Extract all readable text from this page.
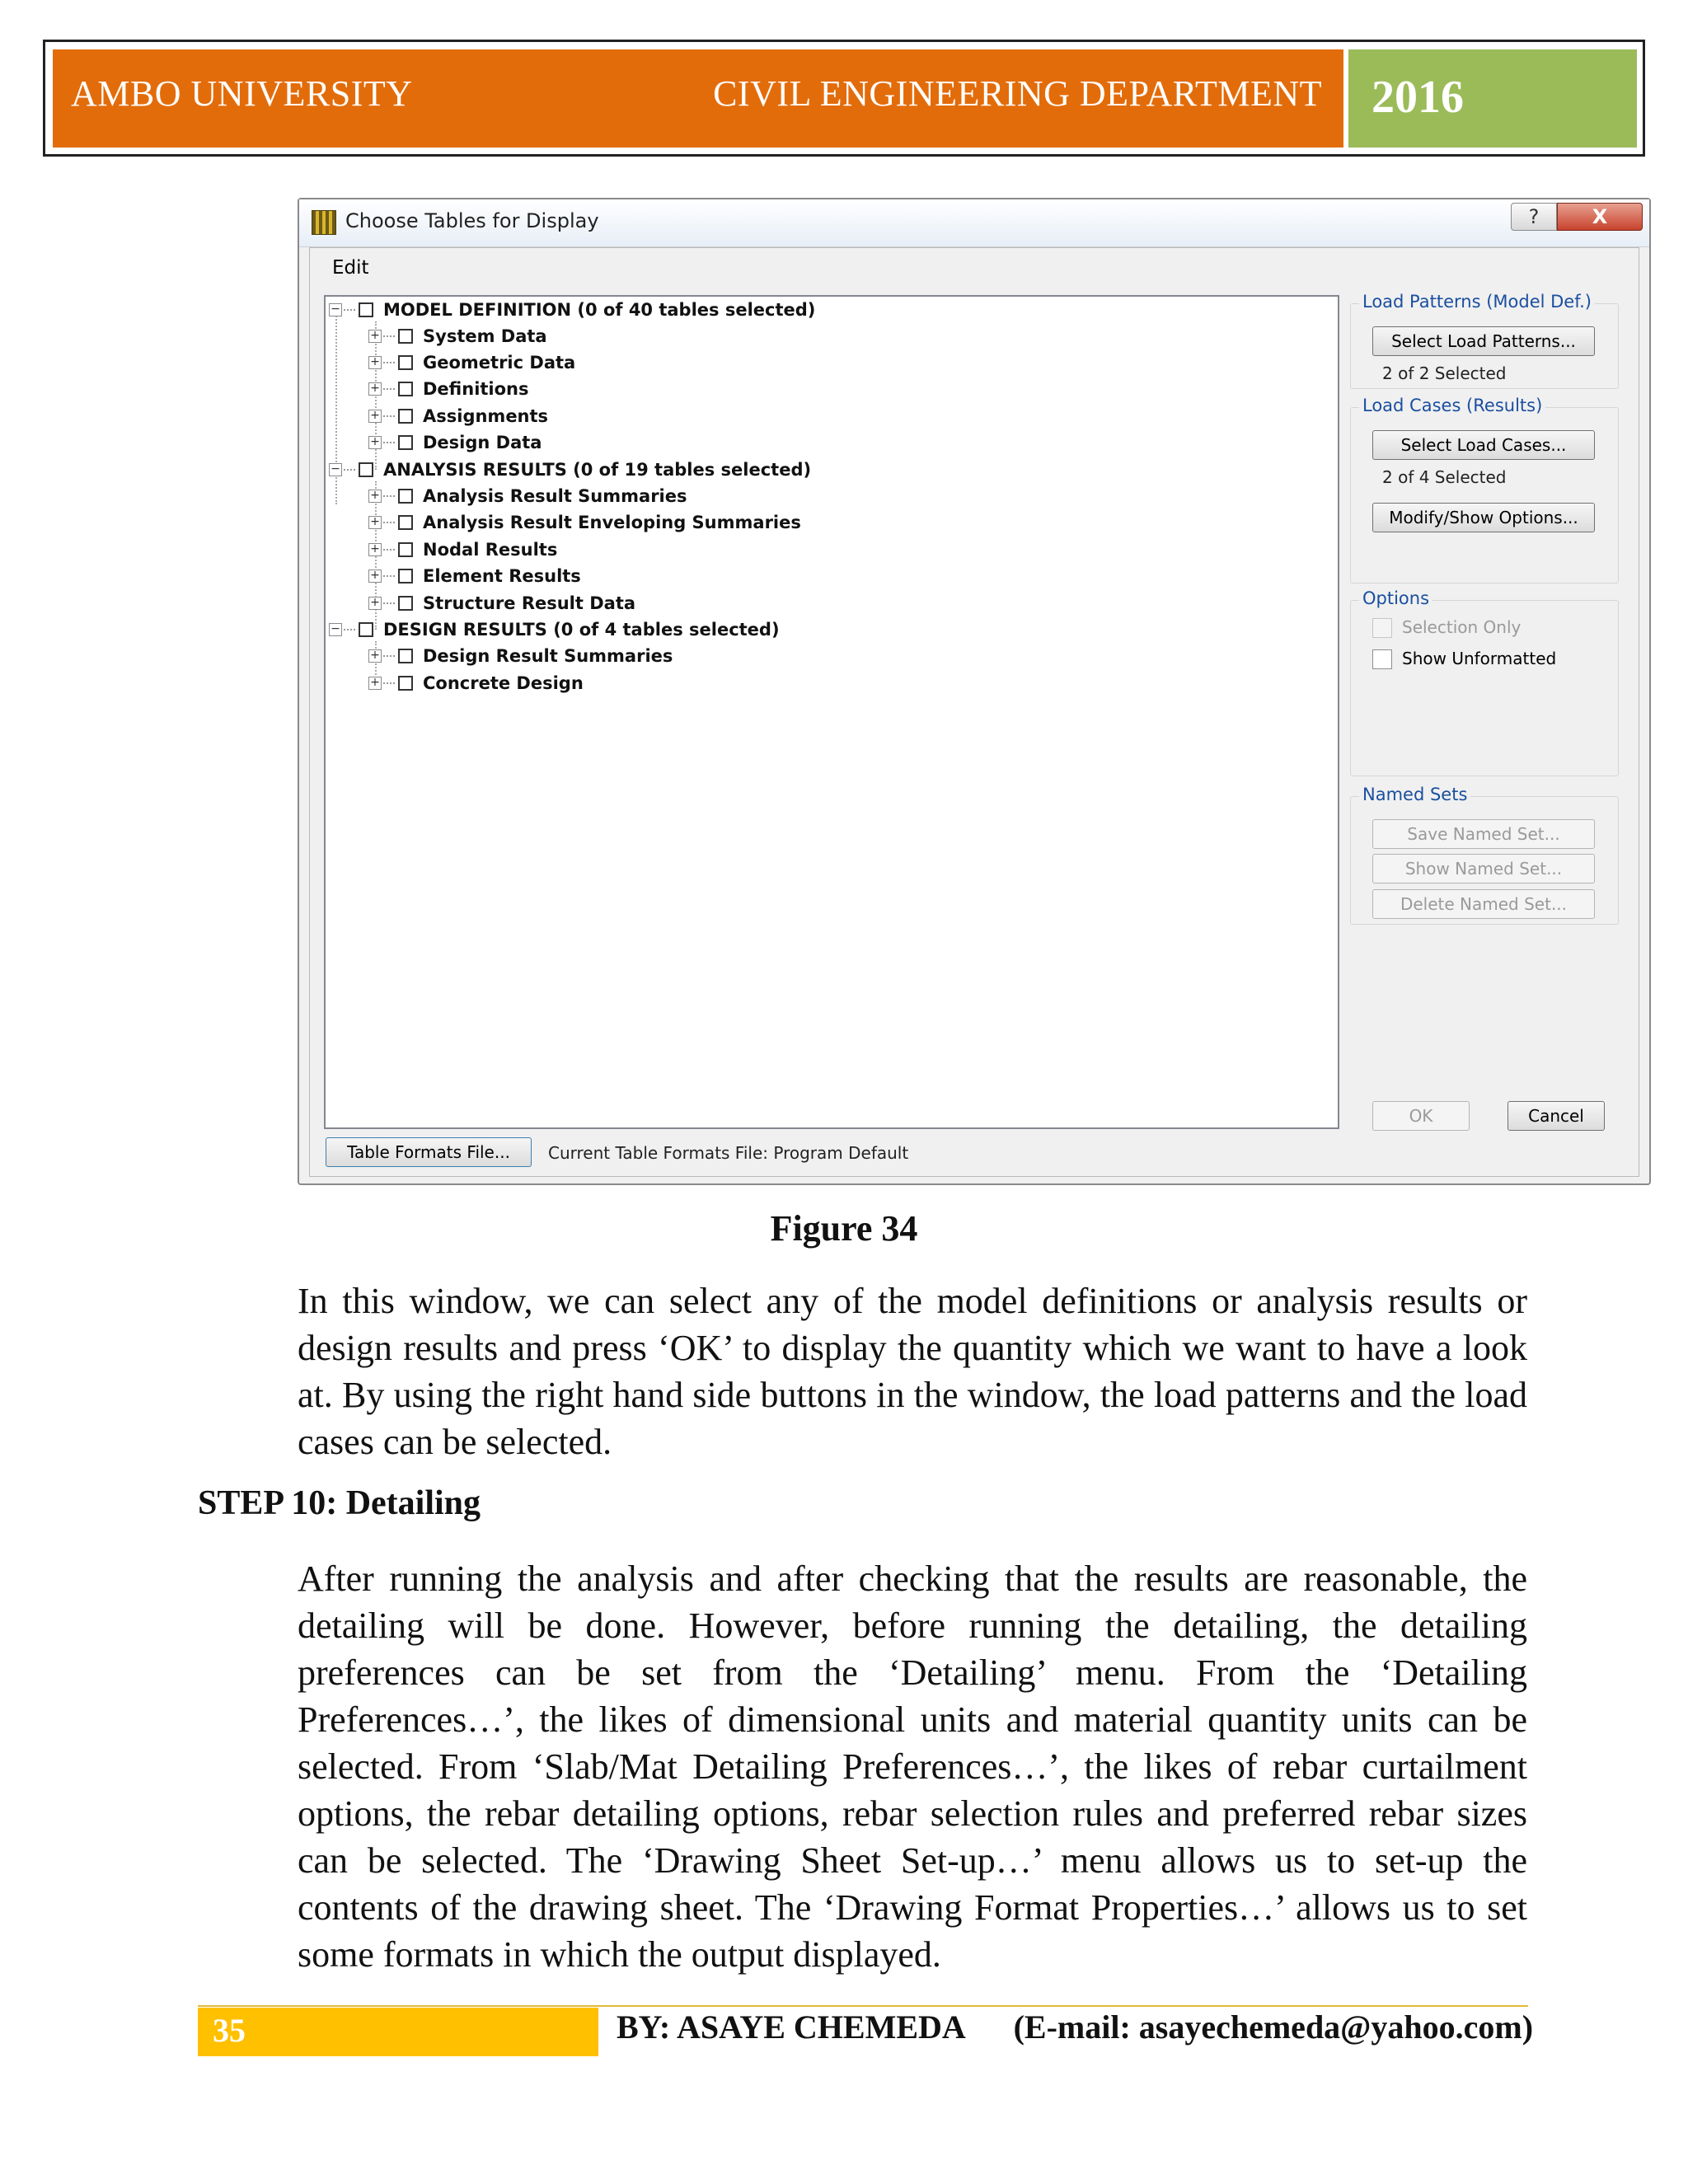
AMBO UNIVERSITY	CIVIL ENGINEERING DEPARTMENT	2016
Choose Tables for Display	?	X
Edit
− MODEL DEFINITION (0 of 40 tables selected)
+ System Data
+ Geometric Data
+ Definitions
+ Assignments
+ Design Data
− ANALYSIS RESULTS (0 of 19 tables selected)
+ Analysis Result Summaries
+ Analysis Result Enveloping Summaries
+ Nodal Results
+ Element Results
+ Structure Result Data
− DESIGN RESULTS (0 of 4 tables selected)
+ Design Result Summaries
+ Concrete Design
Load Patterns (Model Def.)
Select Load Patterns...
2 of 2 Selected
Load Cases (Results)
Select Load Cases...
2 of 4 Selected
Modify/Show Options...
Options
Selection Only
Show Unformatted
Named Sets
Save Named Set...
Show Named Set...
Delete Named Set...
OK	Cancel
Table Formats File...	Current Table Formats File: Program Default
Figure 34

In this window, we can select any of the model definitions or analysis results or design results and press ‘OK’ to display the quantity which we want to have a look at. By using the right hand side buttons in the window, the load patterns and the load cases can be selected.

STEP 10: Detailing

After running the analysis and after checking that the results are reasonable, the detailing will be done. However, before running the detailing, the detailing preferences can be set from the ‘Detailing’ menu. From the ‘Detailing Preferences…’, the likes of dimensional units and material quantity units can be selected. From ‘Slab/Mat Detailing Preferences…’, the likes of rebar curtailment options, the rebar detailing options, rebar selection rules and preferred rebar sizes can be selected. The ‘Drawing Sheet Set-up…’ menu allows us to set-up the contents of the drawing sheet. The ‘Drawing Format Properties…’ allows us to set some formats in which the output displayed.

35	BY: ASAYE CHEMEDA      (E-mail: asayechemeda@yahoo.com)
